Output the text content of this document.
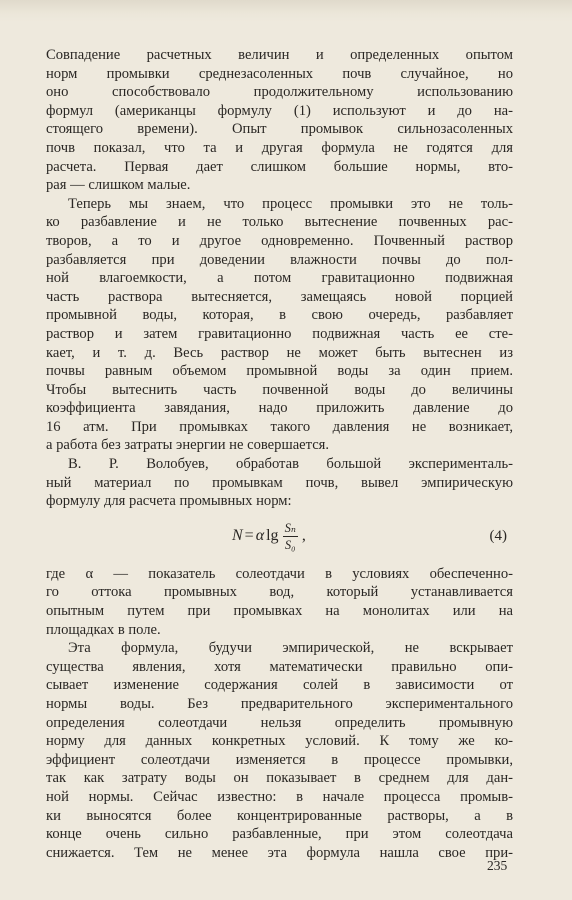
Совпадение расчетных величин и определенных опытом
норм промывки среднезасоленных почв случайное, но
оно способствовало продолжительному использованию
формул (американцы формулу (1) используют и до на-
стоящего времени). Опыт промывок сильнозасоленных
почв показал, что та и другая формула не годятся для
расчета. Первая дает слишком большие нормы, вто-
рая — слишком малые.
Теперь мы знаем, что процесс промывки это не толь-
ко разбавление и не только вытеснение почвенных рас-
творов, а то и другое одновременно. Почвенный раствор
разбавляется при доведении влажности почвы до пол-
ной влагоемкости, а потом гравитационно подвижная
часть раствора вытесняется, замещаясь новой порцией
промывной воды, которая, в свою очередь, разбавляет
раствор и затем гравитационно подвижная часть ее сте-
кает, и т. д. Весь раствор не может быть вытеснен из
почвы равным объемом промывной воды за один прием.
Чтобы вытеснить часть почвенной воды до величины
коэффициента завядания, надо приложить давление до
16 атм. При промывках такого давления не возникает,
а работа без затраты энергии не совершается.
В. Р. Волобуев, обработав большой эксперименталь-
ный материал по промывкам почв, вывел эмпирическую
формулу для расчета промывных норм:
N = α $\lg \frac{\text{Sₙ}}{\text{S₀}}$ ,	(4)
где α — показатель солеотдачи в условиях обеспеченно-
го оттока промывных вод, который устанавливается
опытным путем при промывках на монолитах или на
площадках в поле.
Эта формула, будучи эмпирической, не вскрывает
существа явления, хотя математически правильно опи-
сывает изменение содержания солей в зависимости от
нормы воды. Без предварительного экспериментального
определения солеотдачи нельзя определить промывную
норму для данных конкретных условий. К тому же ко-
эффициент солеотдачи изменяется в процессе промывки,
так как затрату воды он показывает в среднем для дан-
ной нормы. Сейчас известно: в начале процесса промыв-
ки выносятся более концентрированные растворы, а в
конце очень сильно разбавленные, при этом солеотдача
снижается. Тем не менее эта формула нашла свое при-
235
